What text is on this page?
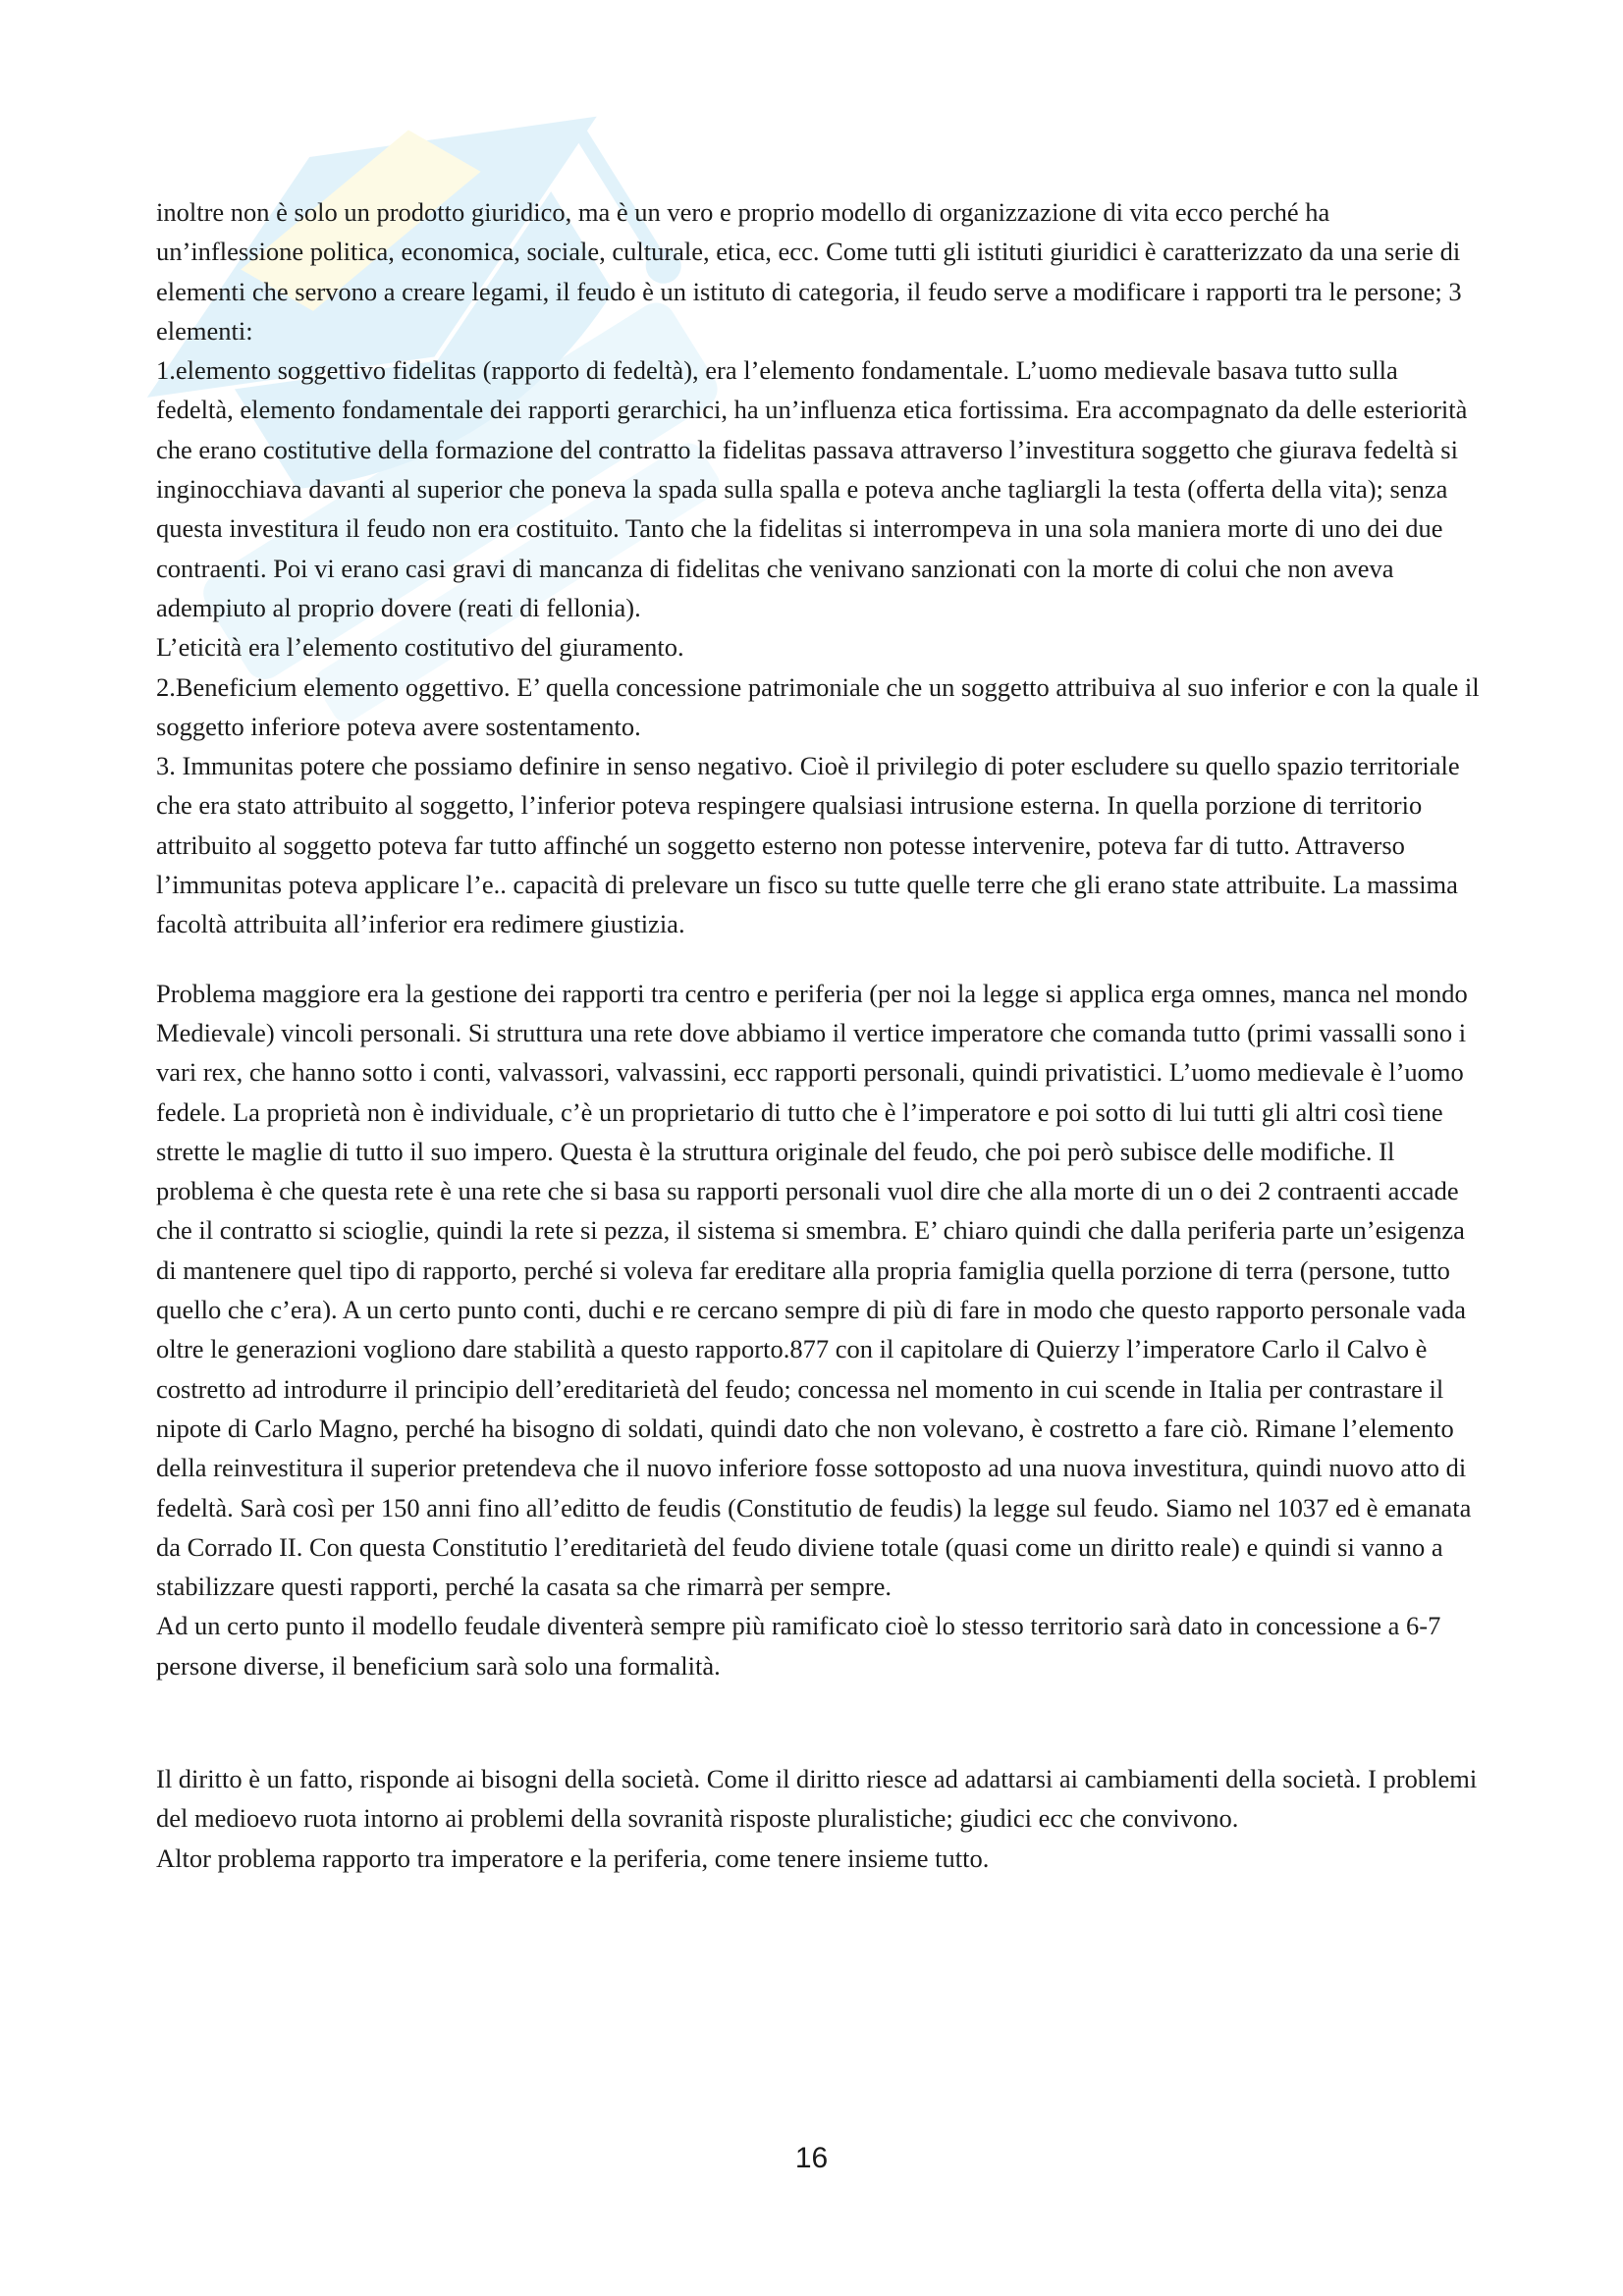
inoltre non è solo un prodotto giuridico, ma è un vero e proprio modello di organizzazione di vita ecco perché ha un’inflessione politica, economica, sociale, culturale, etica, ecc. Come tutti gli istituti giuridici è caratterizzato da una serie di elementi che servono a creare legami, il feudo è un istituto di categoria, il feudo serve a modificare i rapporti tra le persone; 3 elementi:

1.elemento soggettivo fidelitas (rapporto di fedeltà), era l’elemento fondamentale. L’uomo medievale basava tutto sulla fedeltà, elemento fondamentale dei rapporti gerarchici, ha un’influenza etica fortissima. Era accompagnato da delle esteriorità che erano costitutive della formazione del contratto la fidelitas passava attraverso l’investitura soggetto che giurava fedeltà si inginocchiava davanti al superior che poneva la spada sulla spalla e poteva anche tagliargli la testa (offerta della vita); senza questa investitura il feudo non era costituito. Tanto che la fidelitas si interrompeva in una sola maniera morte di uno dei due contraenti. Poi vi erano casi gravi di mancanza di fidelitas che venivano sanzionati con la morte di colui che non aveva adempiuto al proprio dovere (reati di fellonia).

L’eticità era l’elemento costitutivo del giuramento.

2.Beneficium elemento oggettivo. E’ quella concessione patrimoniale che un soggetto attribuiva al suo inferior e con la quale il soggetto inferiore poteva avere sostentamento.

3. Immunitas potere che possiamo definire in senso negativo. Cioè il privilegio di poter escludere su quello spazio territoriale che era stato attribuito al soggetto, l’inferior poteva respingere qualsiasi intrusione esterna. In quella porzione di territorio attribuito al soggetto poteva far tutto affinché un soggetto esterno non potesse intervenire, poteva far di tutto. Attraverso l’immunitas poteva applicare l’e.. capacità di prelevare un fisco su tutte quelle terre che gli erano state attribuite. La massima facoltà attribuita all’inferior era redimere giustizia.

Problema maggiore era la gestione dei rapporti tra centro e periferia (per noi la legge si applica erga omnes, manca nel mondo Medievale) vincoli personali. Si struttura una rete dove abbiamo il vertice imperatore che comanda tutto (primi vassalli sono i vari rex, che hanno sotto i conti, valvassori, valvassini, ecc rapporti personali, quindi privatistici. L’uomo medievale è l’uomo fedele. La proprietà non è individuale, c’è un proprietario di tutto che è l’imperatore e poi sotto di lui tutti gli altri così tiene strette le maglie di tutto il suo impero. Questa è la struttura originale del feudo, che poi però subisce delle modifiche. Il problema è che questa rete è una rete che si basa su rapporti personali vuol dire che alla morte di un o dei 2 contraenti accade che il contratto si scioglie, quindi la rete si pezza, il sistema si smembra. E’ chiaro quindi che dalla periferia parte un’esigenza di mantenere quel tipo di rapporto, perché si voleva far ereditare alla propria famiglia quella porzione di terra (persone, tutto quello che c’era). A un certo punto conti, duchi e re cercano sempre di più di fare in modo che questo rapporto personale vada oltre le generazioni vogliono dare stabilità a questo rapporto.877 con il capitolare di Quierzy l’imperatore Carlo il Calvo è costretto ad introdurre il principio dell’ereditarietà del feudo; concessa nel momento in cui scende in Italia per contrastare il nipote di Carlo Magno, perché ha bisogno di soldati, quindi dato che non volevano, è costretto a fare ciò. Rimane l’elemento della reinvestitura il superior pretendeva che il nuovo inferiore fosse sottoposto ad una nuova investitura, quindi nuovo atto di fedeltà. Sarà così per 150 anni fino all’editto de feudis (Constitutio de feudis) la legge sul feudo. Siamo nel 1037 ed è emanata da Corrado II. Con questa Constitutio l’ereditarietà del feudo diviene totale (quasi come un diritto reale) e quindi si vanno a stabilizzare questi rapporti, perché la casata sa che rimarrà per sempre.

Ad un certo punto il modello feudale diventerà sempre più ramificato cioè lo stesso territorio sarà dato in concessione a 6-7 persone diverse, il beneficium sarà solo una formalità.

Il diritto è un fatto, risponde ai bisogni della società. Come il diritto riesce ad adattarsi ai cambiamenti della società. I problemi del medioevo ruota intorno ai problemi della sovranità risposte pluralistiche; giudici ecc che convivono.

Altor problema rapporto tra imperatore e la periferia, come tenere insieme tutto.

16
